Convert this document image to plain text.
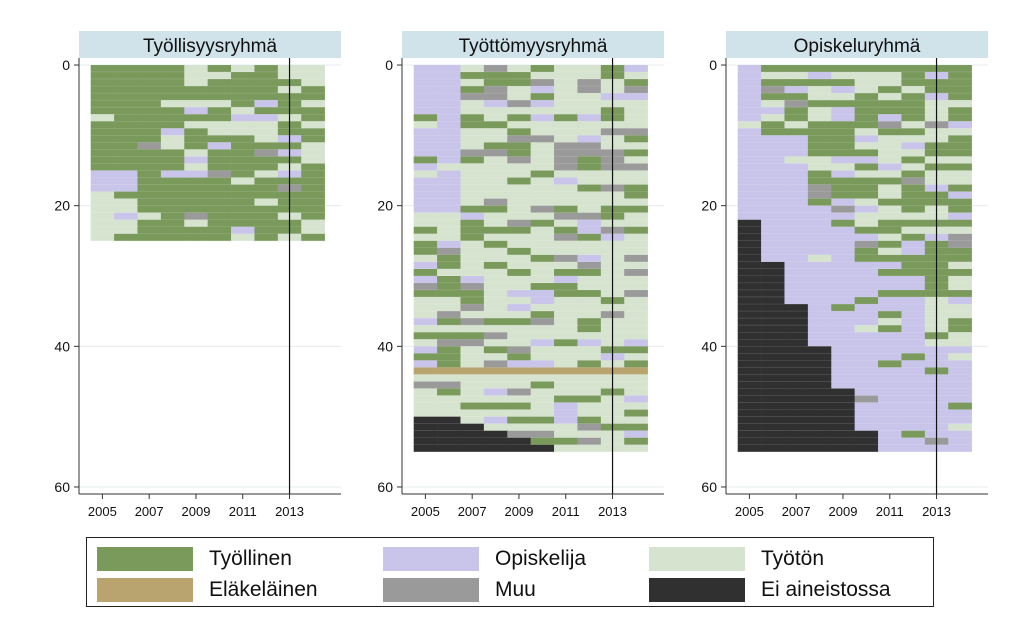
Työllisyysryhmä
0
20
40
60
2005 2007 2009 2011 2013
Työttömyysryhmä
0
20
40
60
2005 2007 2009 2011 2013
Opiskeluryhmä
0
20
40
60
2005 2007 2009 2011 2013
Työllinen	Opiskelija	Työtön
Eläkeläinen	Muu	Ei aineistossa
